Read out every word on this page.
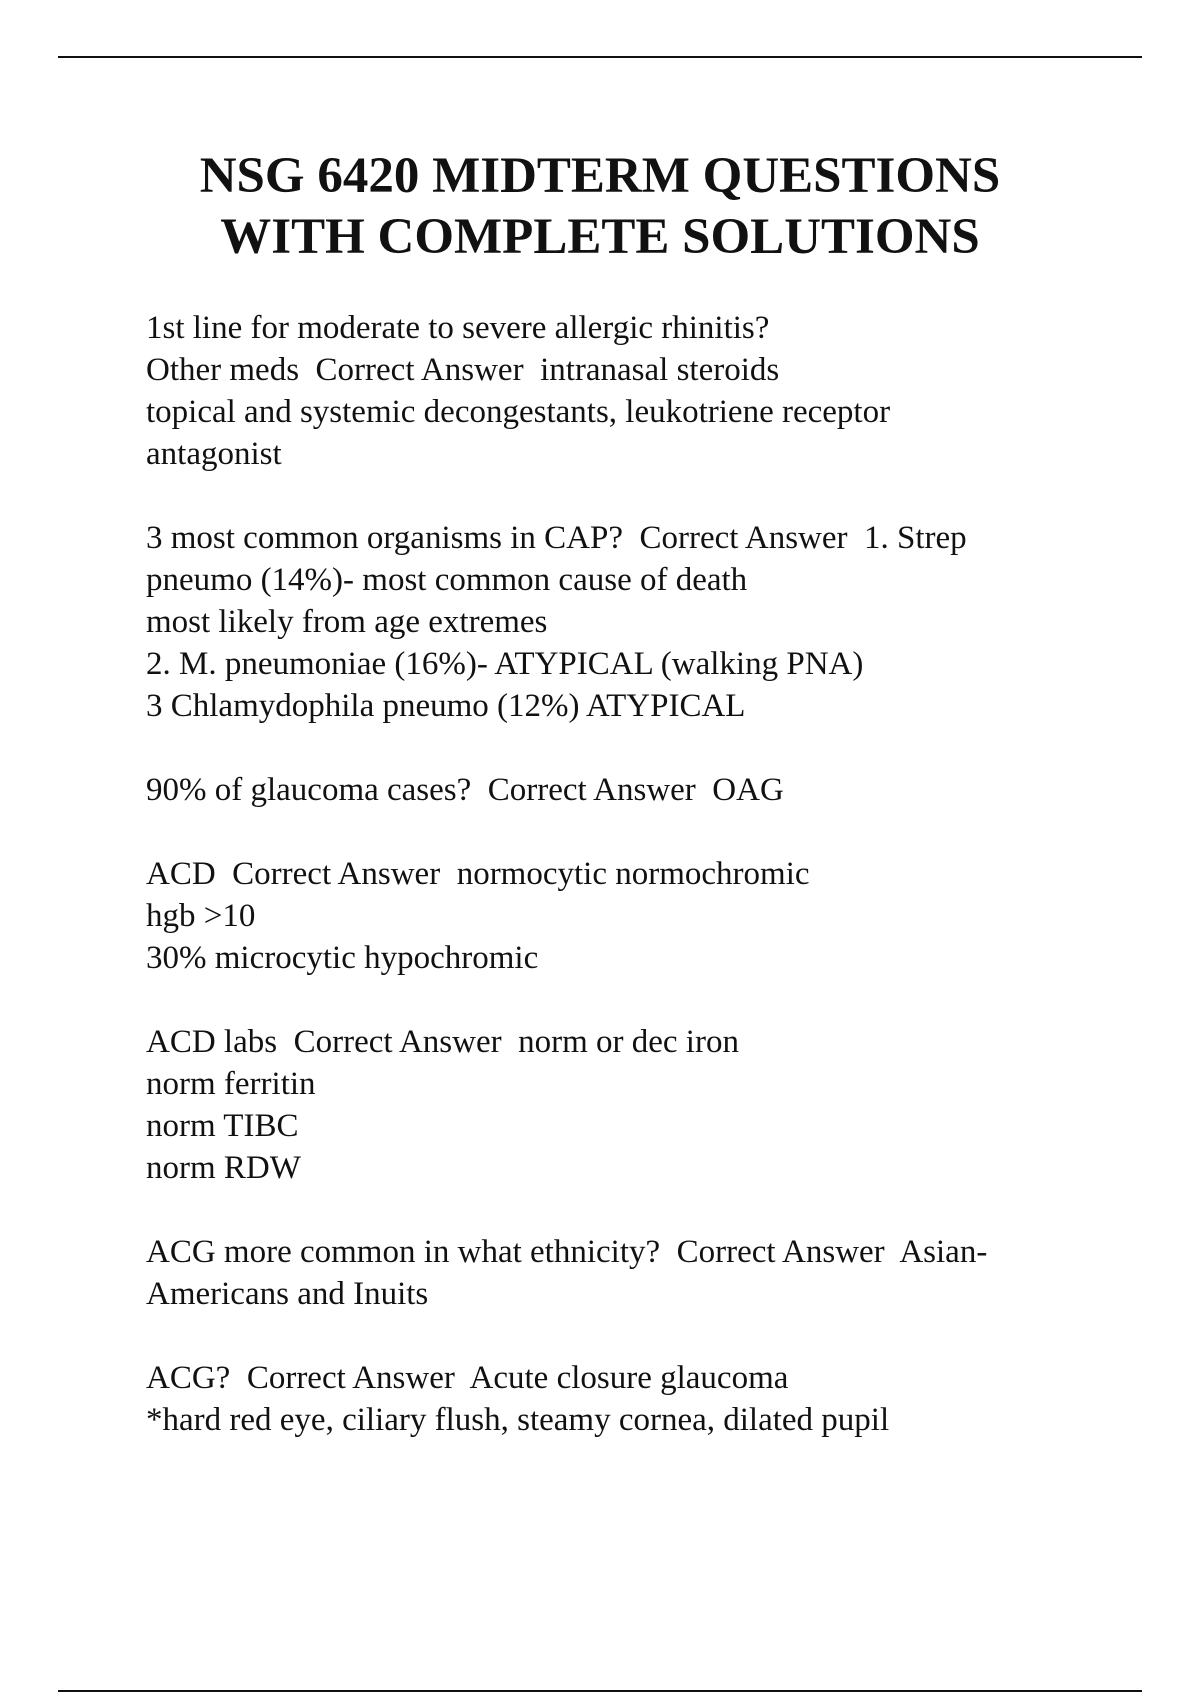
NSG 6420 MIDTERM QUESTIONS
WITH COMPLETE SOLUTIONS
1st line for moderate to severe allergic rhinitis?
Other meds  Correct Answer  intranasal steroids
topical and systemic decongestants, leukotriene receptor
antagonist
3 most common organisms in CAP?  Correct Answer  1. Strep
pneumo (14%)- most common cause of death
most likely from age extremes
2. M. pneumoniae (16%)- ATYPICAL (walking PNA)
3 Chlamydophila pneumo (12%) ATYPICAL
90% of glaucoma cases?  Correct Answer  OAG
ACD  Correct Answer  normocytic normochromic
hgb >10
30% microcytic hypochromic
ACD labs  Correct Answer  norm or dec iron
norm ferritin
norm TIBC
norm RDW
ACG more common in what ethnicity?  Correct Answer  Asian-
Americans and Inuits
ACG?  Correct Answer  Acute closure glaucoma
*hard red eye, ciliary flush, steamy cornea, dilated pupil
